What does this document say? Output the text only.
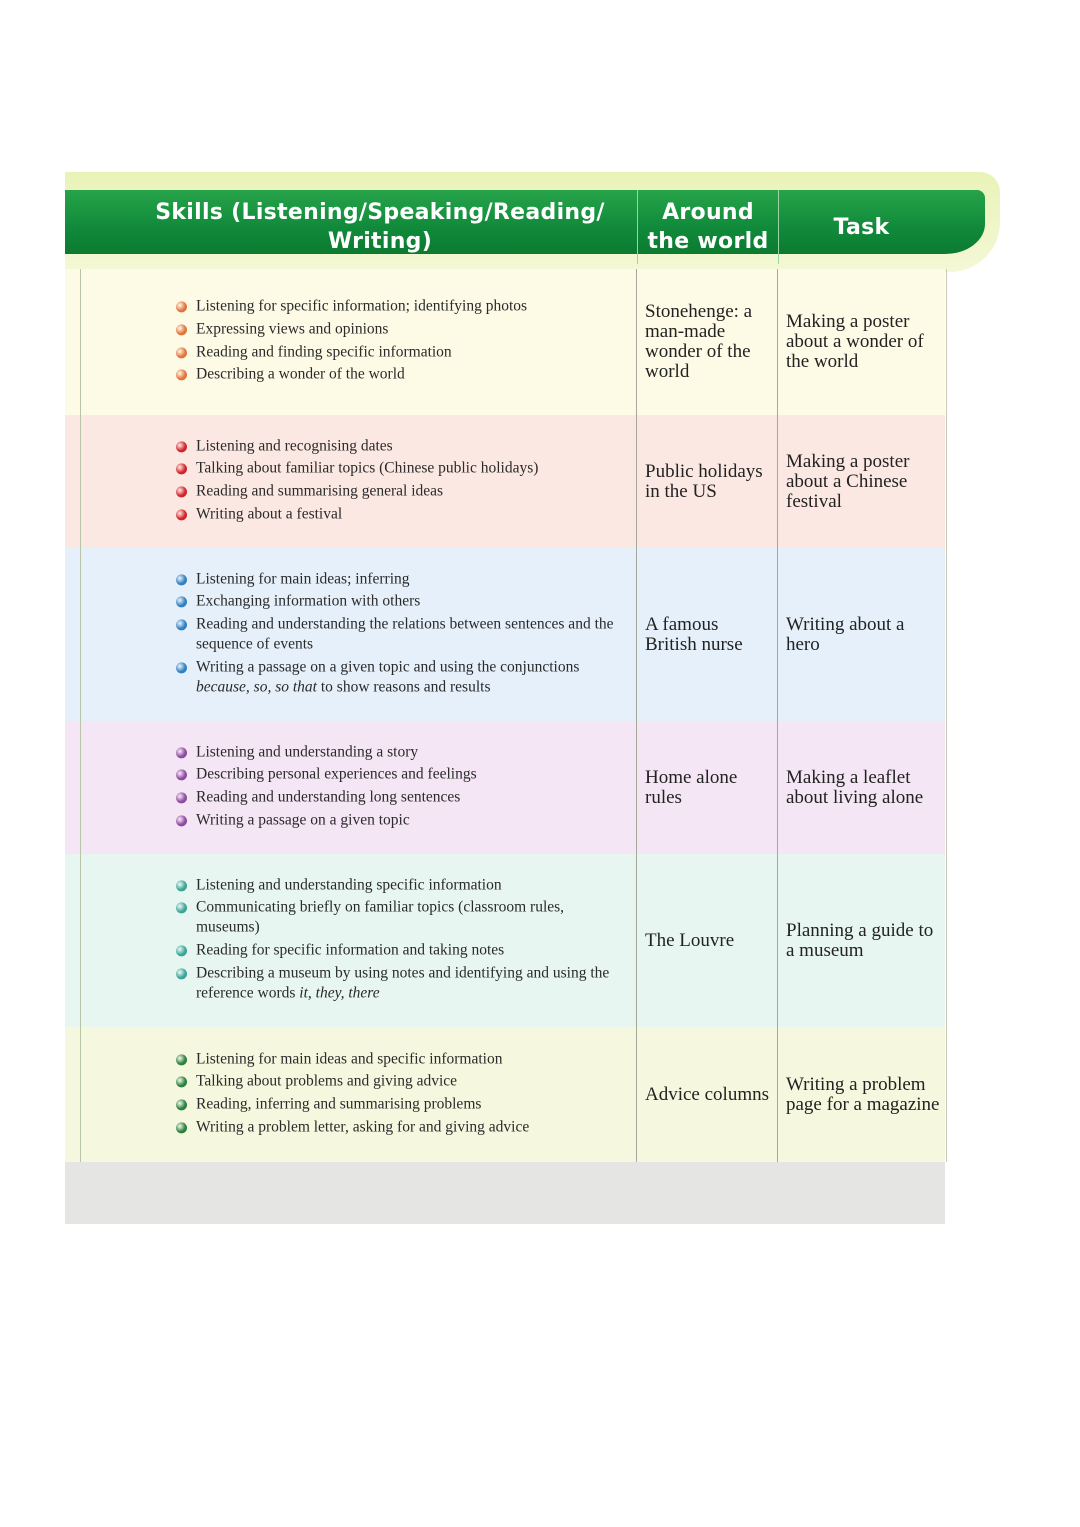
Skills (Listening/Speaking/Reading/ Writing)
Around the world
Task
Listening for specific information; identifying photos
Expressing views and opinions
Reading and finding specific information
Describing a wonder of the world
Stonehenge: a man-made wonder of the world
Making a poster about a wonder of the world
Listening and recognising dates
Talking about familiar topics (Chinese public holidays)
Reading and summarising general ideas
Writing about a festival
Public holidays in the US
Making a poster about a Chinese festival
Listening for main ideas; inferring
Exchanging information with others
Reading and understanding the relations between sentences and the sequence of events
Writing a passage on a given topic and using the conjunctions because, so, so that to show reasons and results
A famous British nurse
Writing about a hero
Listening and understanding a story
Describing personal experiences and feelings
Reading and understanding long sentences
Writing a passage on a given topic
Home alone rules
Making a leaflet about living alone
Listening and understanding specific information
Communicating briefly on familiar topics (classroom rules, museums)
Reading for specific information and taking notes
Describing a museum by using notes and identifying and using the reference words it, they, there
The Louvre	Planning a guide to a museum
Listening for main ideas and specific information
Talking about problems and giving advice
Reading, inferring and summarising problems
Writing a problem letter, asking for and giving advice
Advice columns Writing a problem page for a magazine
